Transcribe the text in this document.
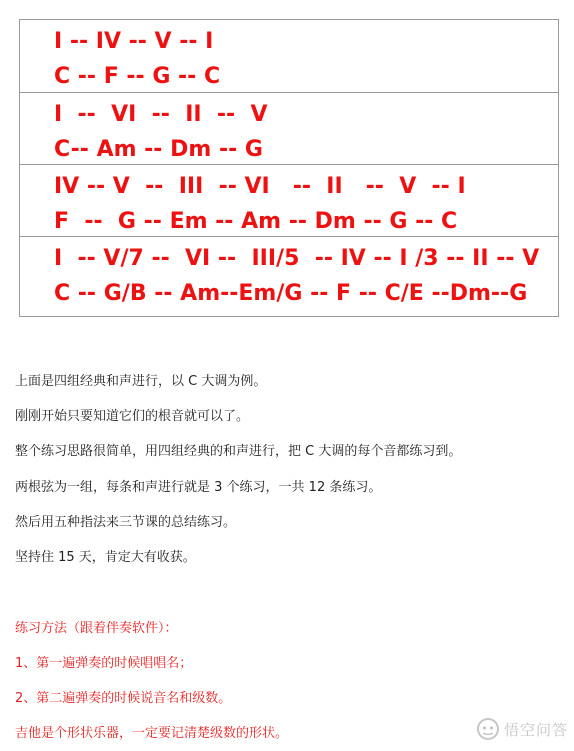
I -- IV -- V -- I
C -- F -- G -- C
I  --  VI  --  II  --  V
C-- Am -- Dm -- G
IV -- V  --  III  -- VI   --  II   --  V  -- I
F  --  G -- Em -- Am -- Dm -- G -- C
I  -- V/7 --  VI --  III/5  -- IV -- I /3 -- II -- V
C -- G/B -- Am--Em/G -- F -- C/E --Dm--G
上面是四组经典和声进行，以 C 大调为例。
刚刚开始只要知道它们的根音就可以了。
整个练习思路很简单，用四组经典的和声进行，把 C 大调的每个音都练习到。
两根弦为一组，每条和声进行就是 3 个练习，一共 12 条练习。
然后用五种指法来三节课的总结练习。
坚持住 15 天，肯定大有收获。
练习方法（跟着伴奏软件）：
1、第一遍弹奏的时候唱唱名；
2、第二遍弹奏的时候说音名和级数。
吉他是个形状乐器，一定要记清楚级数的形状。	悟空问答
